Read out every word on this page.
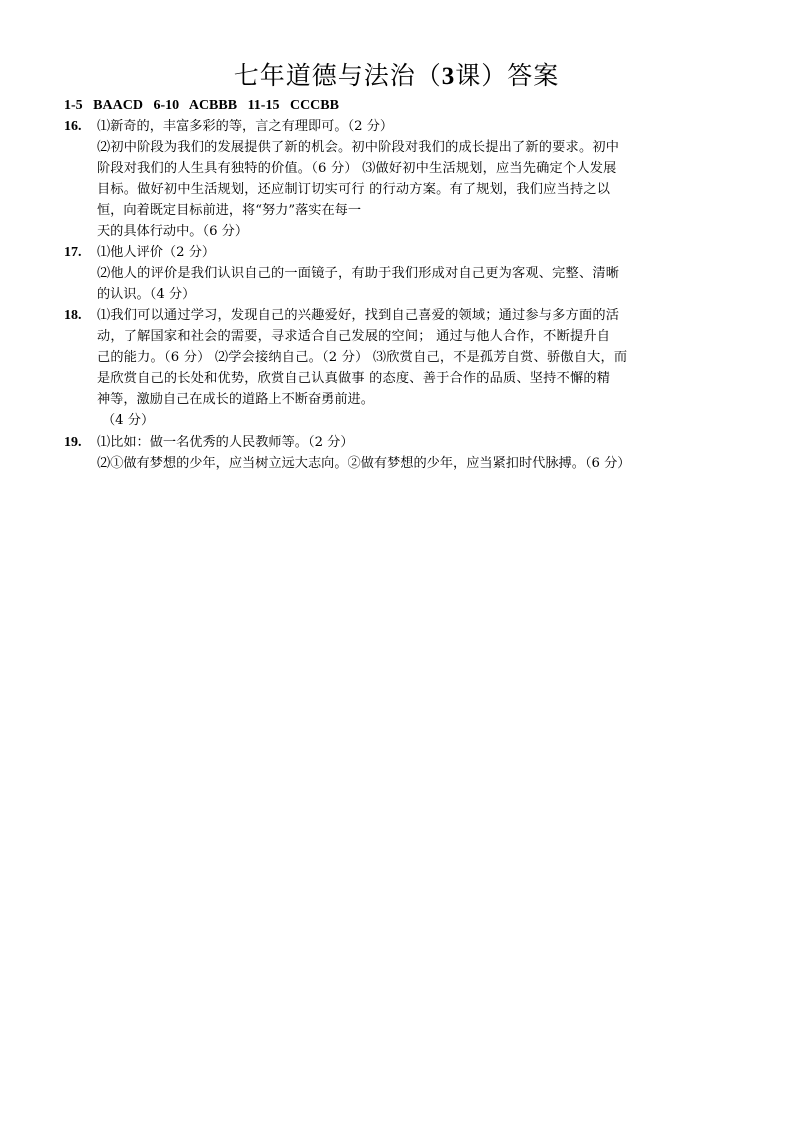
七年道德与法治（3课）答案
1-5   BAACD   6-10   ACBBB   11-15   CCCBB
16. ⑴新奇的，丰富多彩的等，言之有理即可。（2 分）
⑵初中阶段为我们的发展提供了新的机会。初中阶段对我们的成长提出了新的要求。初中
阶段对我们的人生具有独特的价值。（6 分） ⑶做好初中生活规划，应当先确定个人发展
目标。做好初中生活规划，还应制订切实可行 的行动方案。有了规划，我们应当持之以
恒，向着既定目标前进，将“努力”落实在每一
天的具体行动中。（6 分）
17. ⑴他人评价（2 分）
⑵他人的评价是我们认识自己的一面镜子，有助于我们形成对自己更为客观、完整、清晰
的认识。（4 分）
18. ⑴我们可以通过学习，发现自己的兴趣爱好，找到自己喜爱的领域；通过参与多方面的活
动，了解国家和社会的需要，寻求适合自己发展的空间； 通过与他人合作，不断提升自
己的能力。（6 分） ⑵学会接纳自己。（2 分） ⑶欣赏自己，不是孤芳自赏、骄傲自大，而
是欣赏自己的长处和优势，欣赏自己认真做事 的态度、善于合作的品质、坚持不懈的精
神等，激励自己在成长的道路上不断奋勇前进。
（4 分）
19. ⑴比如：做一名优秀的人民教师等。（2 分）
⑵①做有梦想的少年，应当树立远大志向。②做有梦想的少年，应当紧扣时代脉搏。（6 分）
